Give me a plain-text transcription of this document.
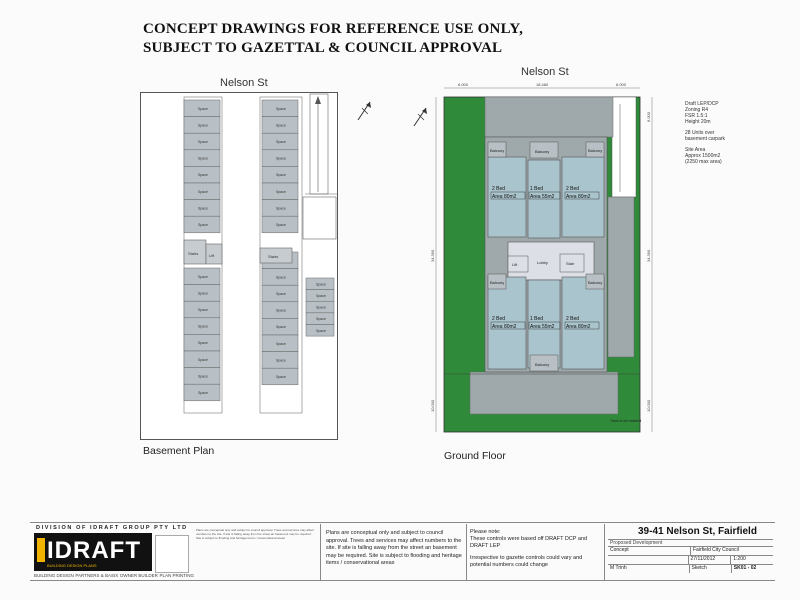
CONCEPT DRAWINGS FOR REFERENCE USE ONLY,
SUBJECT TO GAZETTAL & COUNCIL APPROVAL
Nelson St
Nelson St
Space
Space
Space
Space
Space
Space
Space
Space
Space
Space
Space
Space
Space
Space
Space
Space
Space
Space
Space
Space
Space
Space
Space
Space
Space
Space
Space
Space
Space
Space
Space
Space
Space
Space
Space
Space
Stairs	Lift	Stairs
Basement Plan
6.000	18.480	6.000
34.390
10.000
6.000
34.390
10.000
Balcony	Balcony	Balcony
Balcony	Balcony
Balcony
2 Bed
Area 80m2
1 Bed
Area 55m2
2 Bed
Area 80m2
2 Bed
Area 80m2
1 Bed
Area 55m2
2 Bed
Area 80m2
Lift	Lobby	Stair
Trees to be retained
Draft LEP/DCP
Zoning R4
FSR 1.5:1
Height 20m
28 Units over
basement carpark
Site Area
Approx 1500m2
(2250 max area)
Ground Floor
DIVISION OF IDRAFT GROUP PTY LTD
IDRAFT
BUILDING DESIGN PLANS
BUILDING DESIGN PARTNERS & BASIX OWNER BUILDER PLAN PRINTING
Plans are conceptual only and subject to council approval. Trees and services may affect numbers to the site. If site is falling away from the street an basement may be required. Site is subject to flooding and heritage items / conservational areas
Plans are conceptual only and subject to council approval. Trees and services may affect numbers to the site. If site is falling away from the street an basement may be required. Site is subject to flooding and heritage items / conservational areas
Please note:
These controls were based off DRAFT DCP and DRAFT LEP
Irrespective to gazette controls could vary and potential numbers could change
39-41 Nelson St, Fairfield
Proposed Development
Concept	Fairfield City Council
27/11/2012	1:200
M Trinh	Sketch	SK01 - 02
